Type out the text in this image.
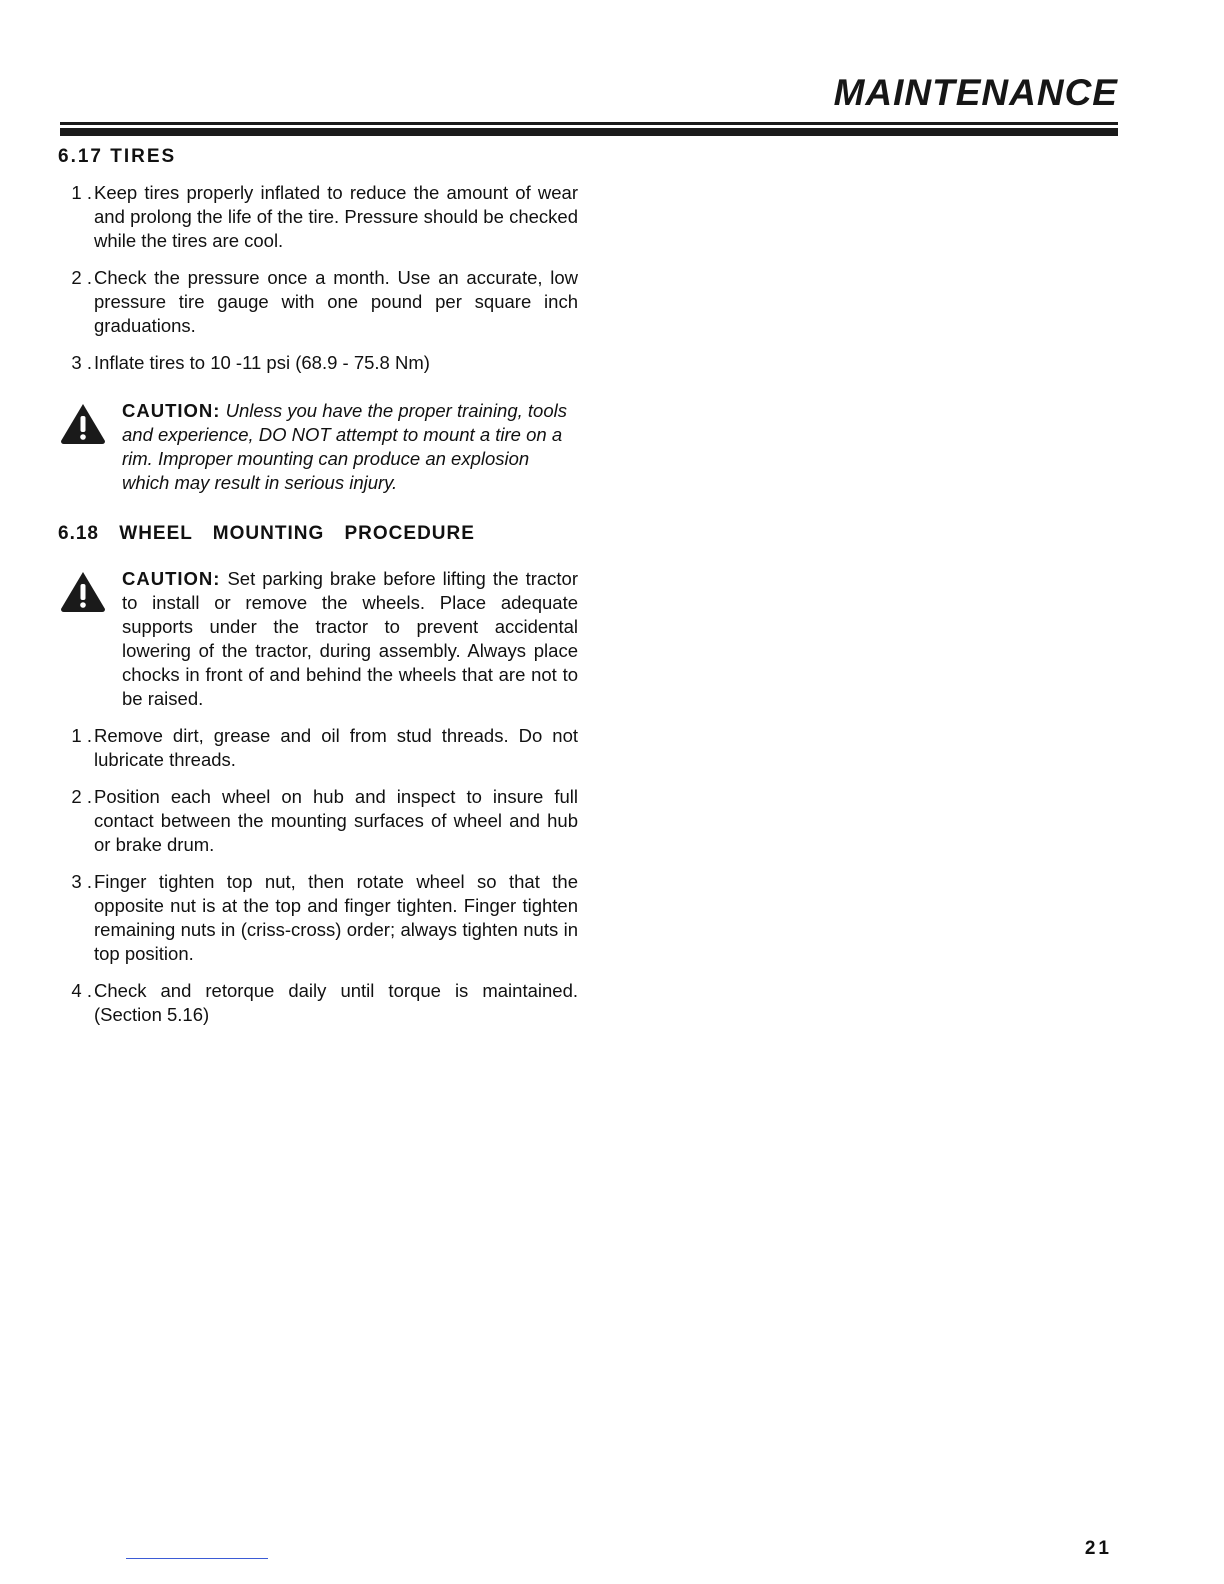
MAINTENANCE
6.17 TIRES
1 . Keep tires properly inflated to reduce the amount of wear and prolong the life of the tire. Pressure should be checked while the tires are cool.
2 . Check the pressure once a month. Use an accurate, low pressure tire gauge with one pound per square inch graduations.
3 . Inflate tires to 10 -11 psi (68.9 - 75.8 Nm)
CAUTION: Unless you have the proper training, tools and experience, DO NOT attempt to mount a tire on a rim. Improper mounting can produce an explosion which may result in serious injury.
6.18 WHEEL MOUNTING PROCEDURE
CAUTION: Set parking brake before lifting the tractor to install or remove the wheels. Place adequate supports under the tractor to prevent accidental lowering of the tractor, during assembly. Always place chocks in front of and behind the wheels that are not to be raised.
1 . Remove dirt, grease and oil from stud threads. Do not lubricate threads.
2 . Position each wheel on hub and inspect to insure full contact between the mounting surfaces of wheel and hub or brake drum.
3 . Finger tighten top nut, then rotate wheel so that the opposite nut is at the top and finger tighten. Finger tighten remaining nuts in (criss-cross) order; always tighten nuts in top position.
4 . Check and retorque daily until torque is maintained. (Section 5.16)
21
